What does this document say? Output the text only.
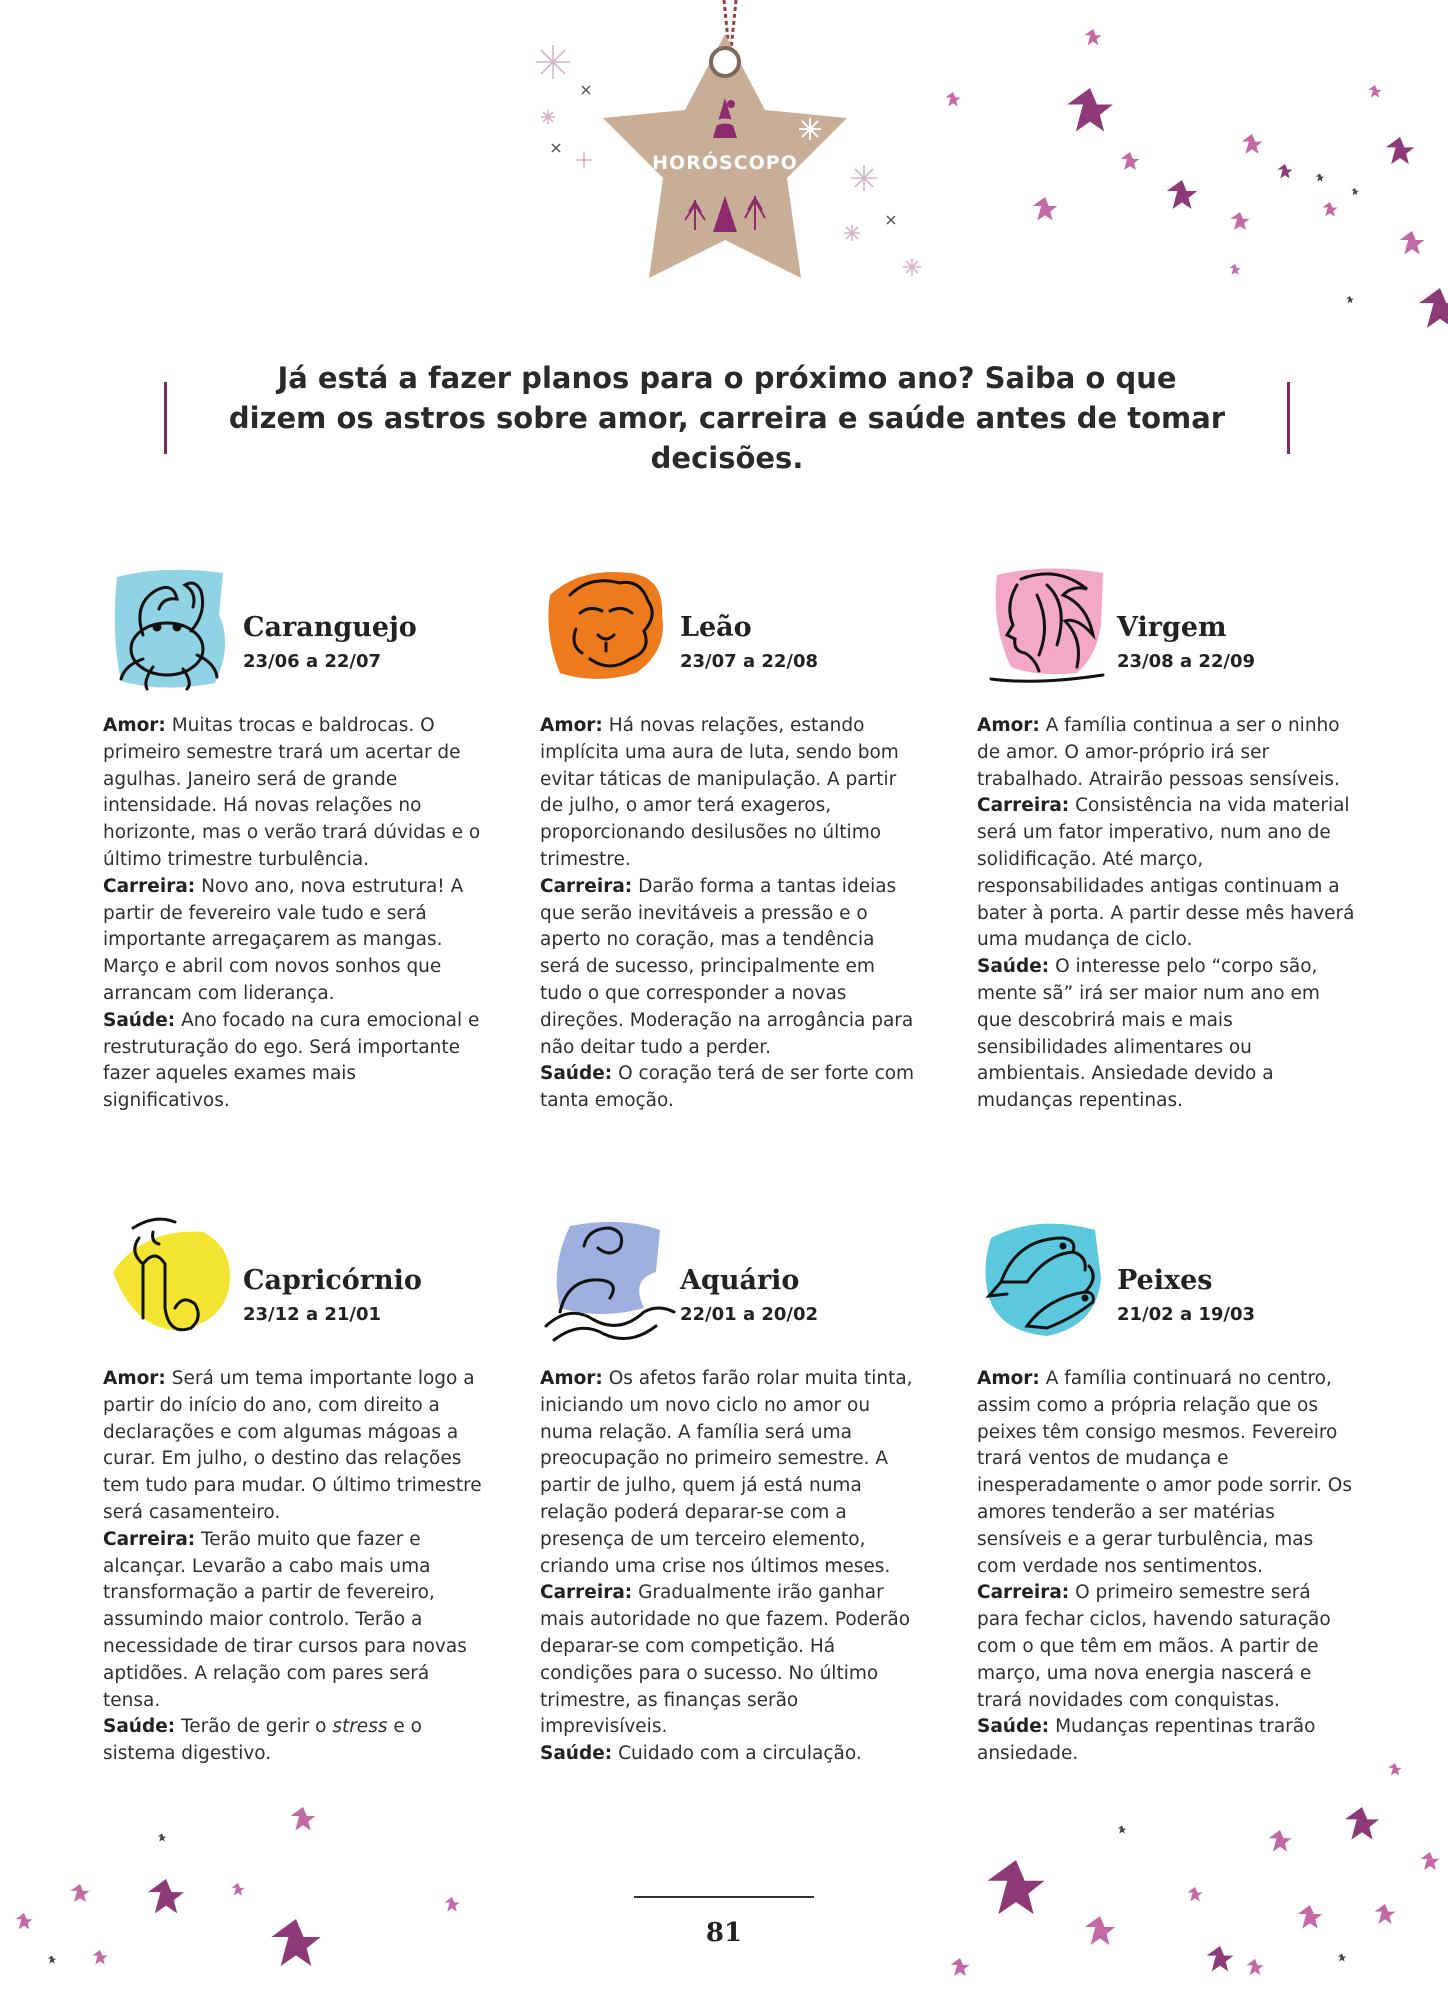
HORÓSCOPO
Já está a fazer planos para o próximo ano? Saiba o que dizem os astros sobre amor, carreira e saúde antes de tomar decisões.
Caranguejo
23/06 a 22/07

Amor: Muitas trocas e baldrocas. O primeiro semestre trará um acertar de agulhas. Janeiro será de grande intensidade. Há novas relações no horizonte, mas o verão trará dúvidas e o último trimestre turbulência.

Carreira: Novo ano, nova estrutura! A partir de fevereiro vale tudo e será importante arregaçarem as mangas. Março e abril com novos sonhos que arrancam com liderança.

Saúde: Ano focado na cura emocional e restruturação do ego. Será importante fazer aqueles exames mais significativos.

Leão
23/07 a 22/08

Amor: Há novas relações, estando implícita uma aura de luta, sendo bom evitar táticas de manipulação. A partir de julho, o amor terá exageros, proporcionando desilusões no último trimestre.

Carreira: Darão forma a tantas ideias que serão inevitáveis a pressão e o aperto no coração, mas a tendência será de sucesso, principalmente em tudo o que corresponder a novas direções. Moderação na arrogância para não deitar tudo a perder.

Saúde: O coração terá de ser forte com tanta emoção.

Virgem
23/08 a 22/09

Amor: A família continua a ser o ninho de amor. O amor-próprio irá ser trabalhado. Atrairão pessoas sensíveis.

Carreira: Consistência na vida material será um fator imperativo, num ano de solidificação. Até março, responsabilidades antigas continuam a bater à porta. A partir desse mês haverá uma mudança de ciclo.

Saúde: O interesse pelo “corpo são, mente sã” irá ser maior num ano em que descobrirá mais e mais sensibilidades alimentares ou ambientais. Ansiedade devido a mudanças repentinas.

Capricórnio
23/12 a 21/01

Amor: Será um tema importante logo a partir do início do ano, com direito a declarações e com algumas mágoas a curar. Em julho, o destino das relações tem tudo para mudar. O último trimestre será casamenteiro.

Carreira: Terão muito que fazer e alcançar. Levarão a cabo mais uma transformação a partir de fevereiro, assumindo maior controlo. Terão a necessidade de tirar cursos para novas aptidões. A relação com pares será tensa.

Saúde: Terão de gerir o stress e o sistema digestivo.

Aquário
22/01 a 20/02

Amor: Os afetos farão rolar muita tinta, iniciando um novo ciclo no amor ou numa relação. A família será uma preocupação no primeiro semestre. A partir de julho, quem já está numa relação poderá deparar-se com a presença de um terceiro elemento, criando uma crise nos últimos meses.

Carreira: Gradualmente irão ganhar mais autoridade no que fazem. Poderão deparar-se com competição. Há condições para o sucesso. No último trimestre, as finanças serão imprevisíveis.

Saúde: Cuidado com a circulação.

Peixes
21/02 a 19/03

Amor: A família continuará no centro, assim como a própria relação que os peixes têm consigo mesmos. Fevereiro trará ventos de mudança e inesperadamente o amor pode sorrir. Os amores tenderão a ser matérias sensíveis e a gerar turbulência, mas com verdade nos sentimentos.

Carreira: O primeiro semestre será para fechar ciclos, havendo saturação com o que têm em mãos. A partir de março, uma nova energia nascerá e trará novidades com conquistas.

Saúde: Mudanças repentinas trarão ansiedade.

81
